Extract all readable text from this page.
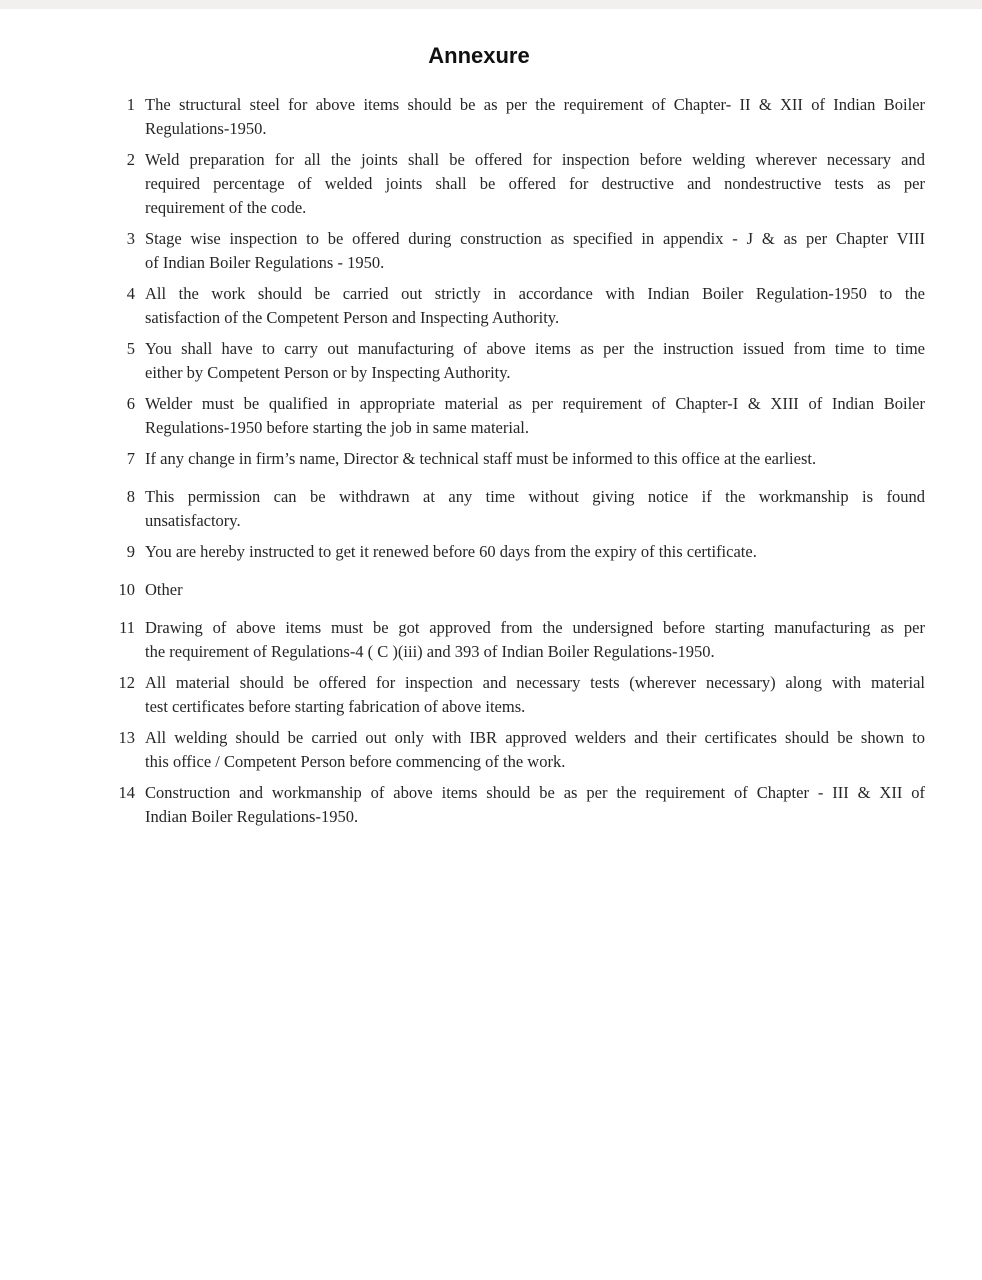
Annexure
1 The structural steel for above items should be as per the requirement of Chapter- II & XII of Indian Boiler
Regulations-1950.
2 Weld preparation for all the joints shall be offered for inspection before welding wherever necessary and
required percentage of welded joints shall be offered for destructive and nondestructive tests as per
requirement of the code.
3 Stage wise inspection to be offered during construction as specified in appendix - J & as per Chapter VIII
of Indian Boiler Regulations - 1950.
4 All the work should be carried out strictly in accordance with Indian Boiler Regulation-1950 to the
satisfaction of the Competent Person and Inspecting Authority.
5 You shall have to carry out manufacturing of above items as per the instruction issued from time to time
either by Competent Person or by Inspecting Authority.
6 Welder must be qualified in appropriate material as per requirement of Chapter-I & XIII of Indian Boiler
Regulations-1950 before starting the job in same material.
7 If any change in firm’s name, Director & technical staff must be informed to this office at the earliest.
8 This permission can be withdrawn at any time without giving notice if the workmanship is found
unsatisfactory.
9 You are hereby instructed to get it renewed before 60 days from the expiry of this certificate.
10 Other
11 Drawing of above items must be got approved from the undersigned before starting manufacturing as per
the requirement of Regulations-4 ( C )(iii) and 393 of Indian Boiler Regulations-1950.
12 All material should be offered for inspection and necessary tests (wherever necessary) along with material
test certificates before starting fabrication of above items.
13 All welding should be carried out only with IBR approved welders and their certificates should be shown to
this office / Competent Person before commencing of the work.
14 Construction and workmanship of above items should be as per the requirement of Chapter - III & XII of
Indian Boiler Regulations-1950.
